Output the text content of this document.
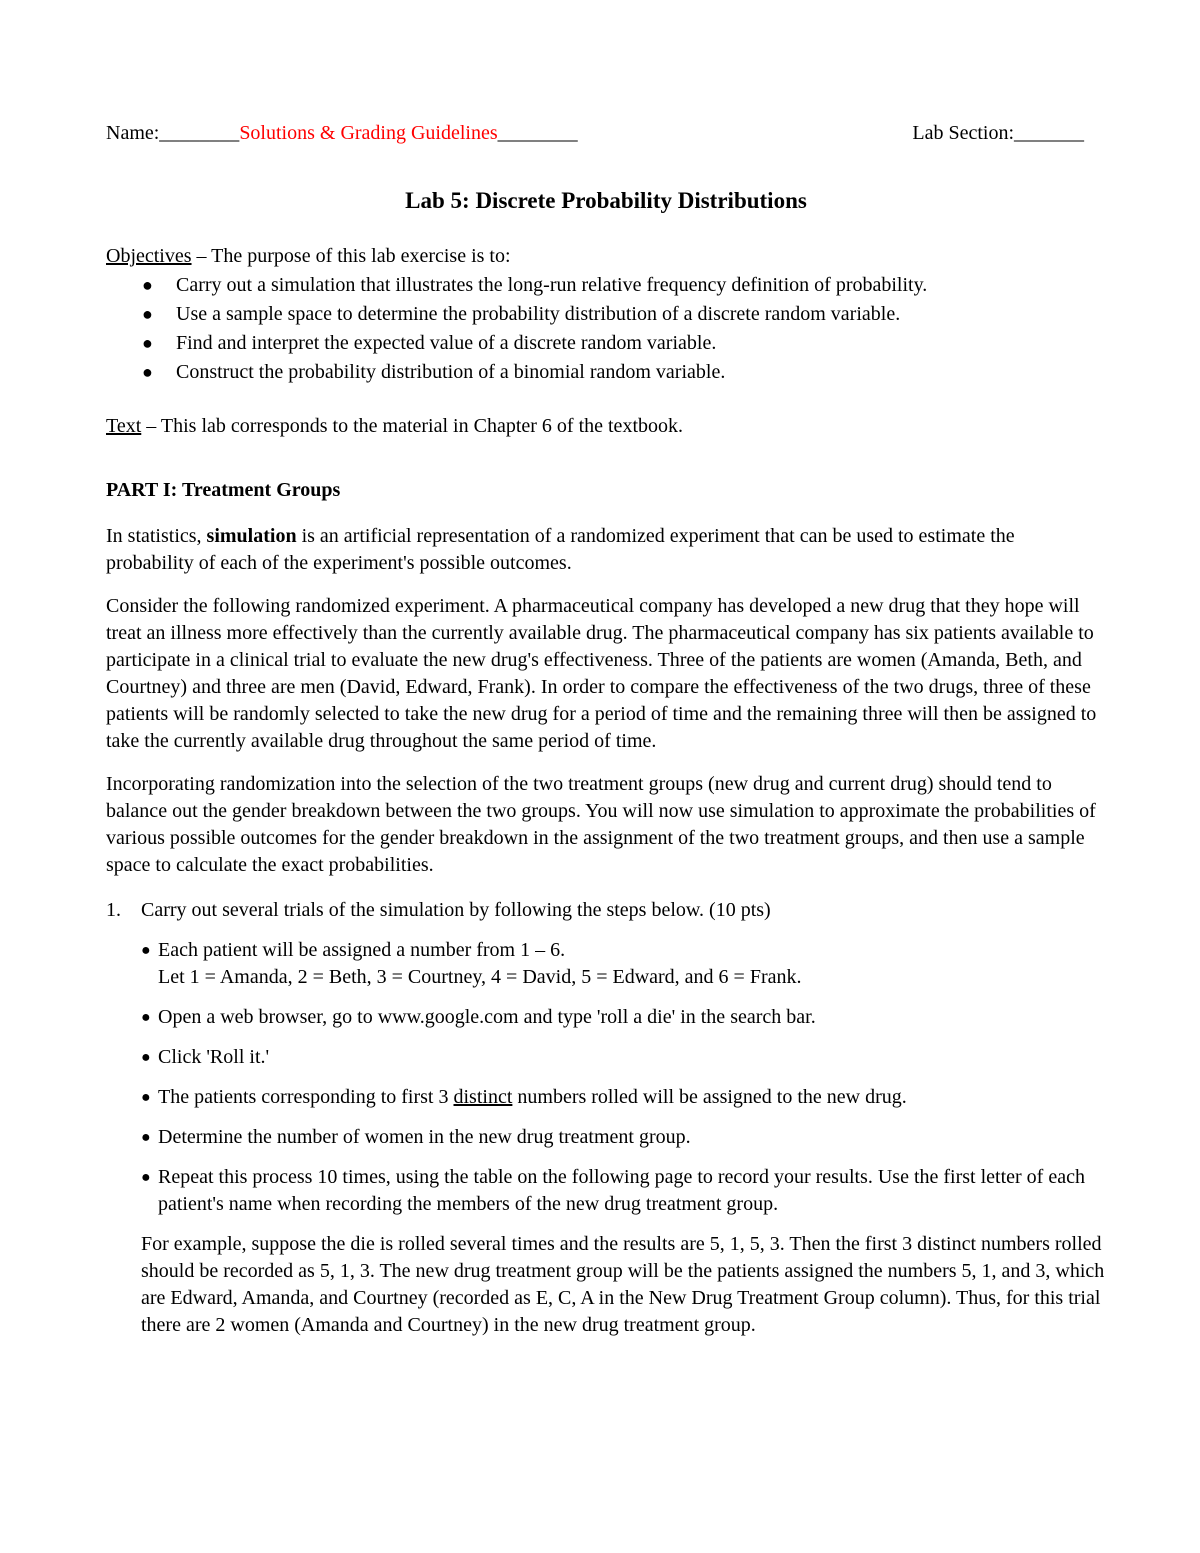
Name:________Solutions & Grading Guidelines________	Lab Section:_______
Lab 5: Discrete Probability Distributions
Objectives – The purpose of this lab exercise is to:
● Carry out a simulation that illustrates the long-run relative frequency definition of probability.
● Use a sample space to determine the probability distribution of a discrete random variable.
● Find and interpret the expected value of a discrete random variable.
● Construct the probability distribution of a binomial random variable.
Text – This lab corresponds to the material in Chapter 6 of the textbook.
PART I: Treatment Groups

In statistics, simulation is an artificial representation of a randomized experiment that can be used to estimate the probability of each of the experiment's possible outcomes.

Consider the following randomized experiment. A pharmaceutical company has developed a new drug that they hope will treat an illness more effectively than the currently available drug. The pharmaceutical company has six patients available to participate in a clinical trial to evaluate the new drug's effectiveness. Three of the patients are women (Amanda, Beth, and Courtney) and three are men (David, Edward, Frank). In order to compare the effectiveness of the two drugs, three of these patients will be randomly selected to take the new drug for a period of time and the remaining three will then be assigned to take the currently available drug throughout the same period of time.

Incorporating randomization into the selection of the two treatment groups (new drug and current drug) should tend to balance out the gender breakdown between the two groups. You will now use simulation to approximate the probabilities of various possible outcomes for the gender breakdown in the assignment of the two treatment groups, and then use a sample space to calculate the exact probabilities.

1. Carry out several trials of the simulation by following the steps below. (10 pts)
● Each patient will be assigned a number from 1 – 6.
Let 1 = Amanda, 2 = Beth, 3 = Courtney, 4 = David, 5 = Edward, and 6 = Frank.
● Open a web browser, go to www.google.com and type 'roll a die' in the search bar.
● Click 'Roll it.'
● The patients corresponding to first 3 distinct numbers rolled will be assigned to the new drug.
● Determine the number of women in the new drug treatment group.
● Repeat this process 10 times, using the table on the following page to record your results. Use the first letter of each patient's name when recording the members of the new drug treatment group.

For example, suppose the die is rolled several times and the results are 5, 1, 5, 3. Then the first 3 distinct numbers rolled should be recorded as 5, 1, 3. The new drug treatment group will be the patients assigned the numbers 5, 1, and 3, which are Edward, Amanda, and Courtney (recorded as E, C, A in the New Drug Treatment Group column). Thus, for this trial there are 2 women (Amanda and Courtney) in the new drug treatment group.
